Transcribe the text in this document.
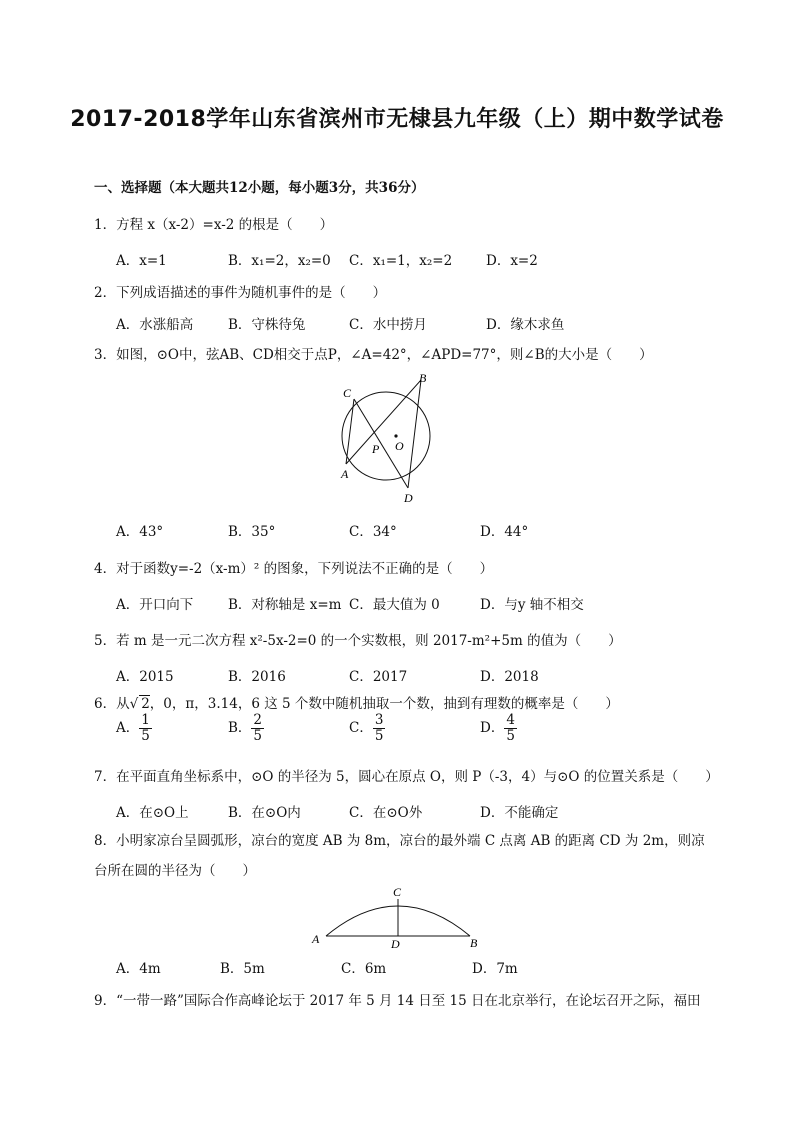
2017-2018学年山东省滨州市无棣县九年级（上）期中数学试卷
一、选择题（本大题共12小题，每小题3分，共36分）
1．方程 x（x-2）=x-2 的根是（　　）
A．x=1	B．x₁=2，x₂=0 C．x₁=1，x₂=2	D．x=2
2．下列成语描述的事件为随机事件的是（　　）
A．水涨船高	B．守株待兔	C．水中捞月	D．缘木求鱼
3．如图，⊙O中，弦AB、CD相交于点P，∠A=42°，∠APD=77°，则∠B的大小是（　　）
C
B
A
D
P O
A．43°	B．35°	C．34°	D．44°
4．对于函数y=-2（x-m）² 的图象，下列说法不正确的是（　　）
A．开口向下	B．对称轴是 x=m C．最大值为 0	D．与y 轴不相交
5．若 m 是一元二次方程 x²-5x-2=0 的一个实数根，则 2017-m²+5m 的值为（　　）
A．2015	B．2016	C．2017	D．2018
6．从√ 2，0，π，3.14，6 这 5 个数中随机抽取一个数，抽到有理数的概率是（　　）
A． $\frac{1}{5}$	B． $\frac{2}{5}$	C． $\frac{3}{5}$	D． $\frac{4}{5}$
7．在平面直角坐标系中，⊙O 的半径为 5，圆心在原点 O，则 P（-3，4）与⊙O 的位置关系是（　　）
A．在⊙O上	B．在⊙O内	C．在⊙O外	D．不能确定
8．小明家凉台呈圆弧形，凉台的宽度 AB 为 8m，凉台的最外端 C 点离 AB 的距离 CD 为 2m，则凉台所在圆的半径为（　　）
A	B
C
D
A．4m	B．5m	C．6m	D．7m
9．“一带一路”国际合作高峰论坛于 2017 年 5 月 14 日至 15 日在北京举行，在论坛召开之际，福田
